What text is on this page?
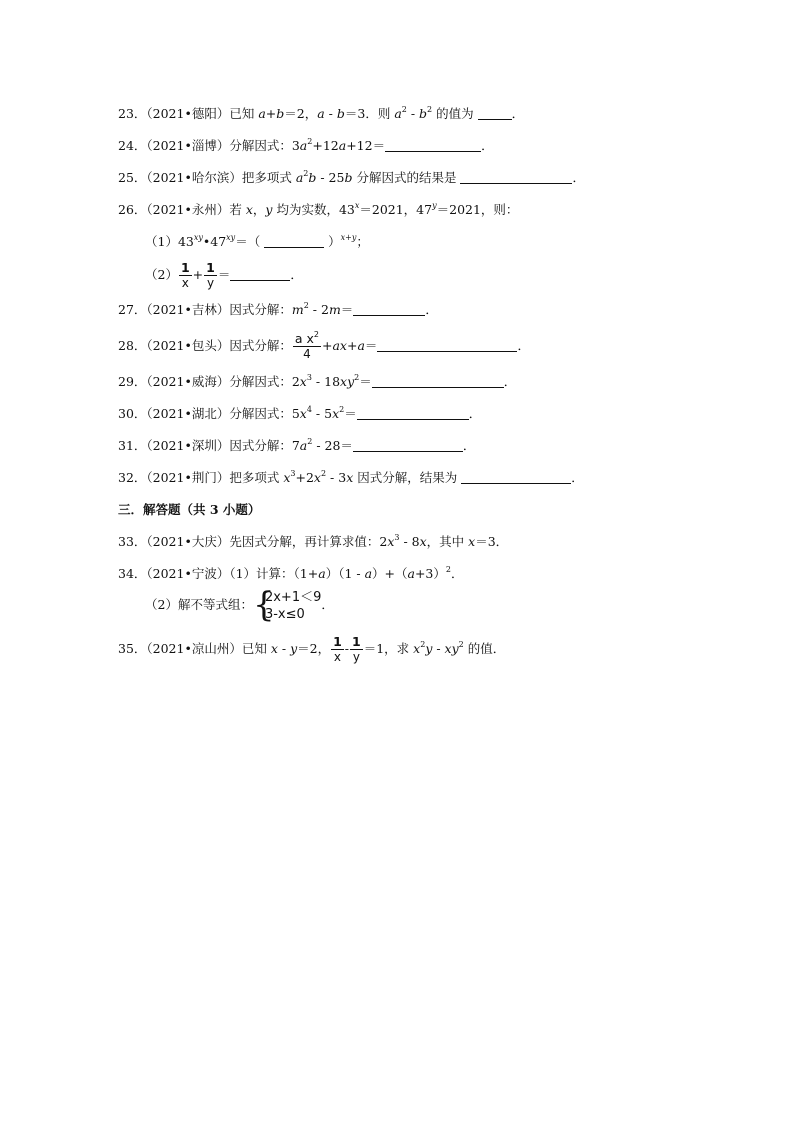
23．（2021•德阳）已知 a+b＝2，a - b＝3．则 $a^2 - b^2$ 的值为	．
24．（2021•淄博）分解因式：$3a^2+12a+12=$	．
25．（2021•哈尔滨）把多项式 $a^2b - 25b$ 分解因式的结果是	．
26．（2021•永州）若 x，y 均为实数，$43^x=2021$，$47^y=2021$，则：
$(1)43^{xy}•47^{xy}=$（	）$^{x+y}$；
$(2) \frac{1}{x} + \frac{1}{y}$ ＝	．
27．（2021•吉林）因式分解：$m^2 - 2m=$	．
28．（2021•包头）因式分解： $\frac{a x^2}{4} +ax+a=$	．
29．（2021•威海）分解因式：$2x^3 - 18xy^2=$	．
30．（2021•湖北）分解因式：$5x^4 - 5x^2=$	．
31．（2021•深圳）因式分解：$7a^2 - 28=$	．
32．（2021•荆门）把多项式 $x^3+2x^2 - 3x$ 因式分解，结果为	．
三．解答题（共 3 小题）
33．（2021•大庆）先因式分解，再计算求值：$2x^3 - 8x$，其中 x＝3．
34．（2021•宁波）（1）计算：$(1+a)(1 - a)+(a+3)^2$．
（2）解不等式组： {
2x+1＜9
3-x≤0
．
35．（2021•凉山州）已知 x - y＝2， $\frac{1}{x} - \frac{1}{y} =1$，求 $x^2y - xy^2$ 的值．
